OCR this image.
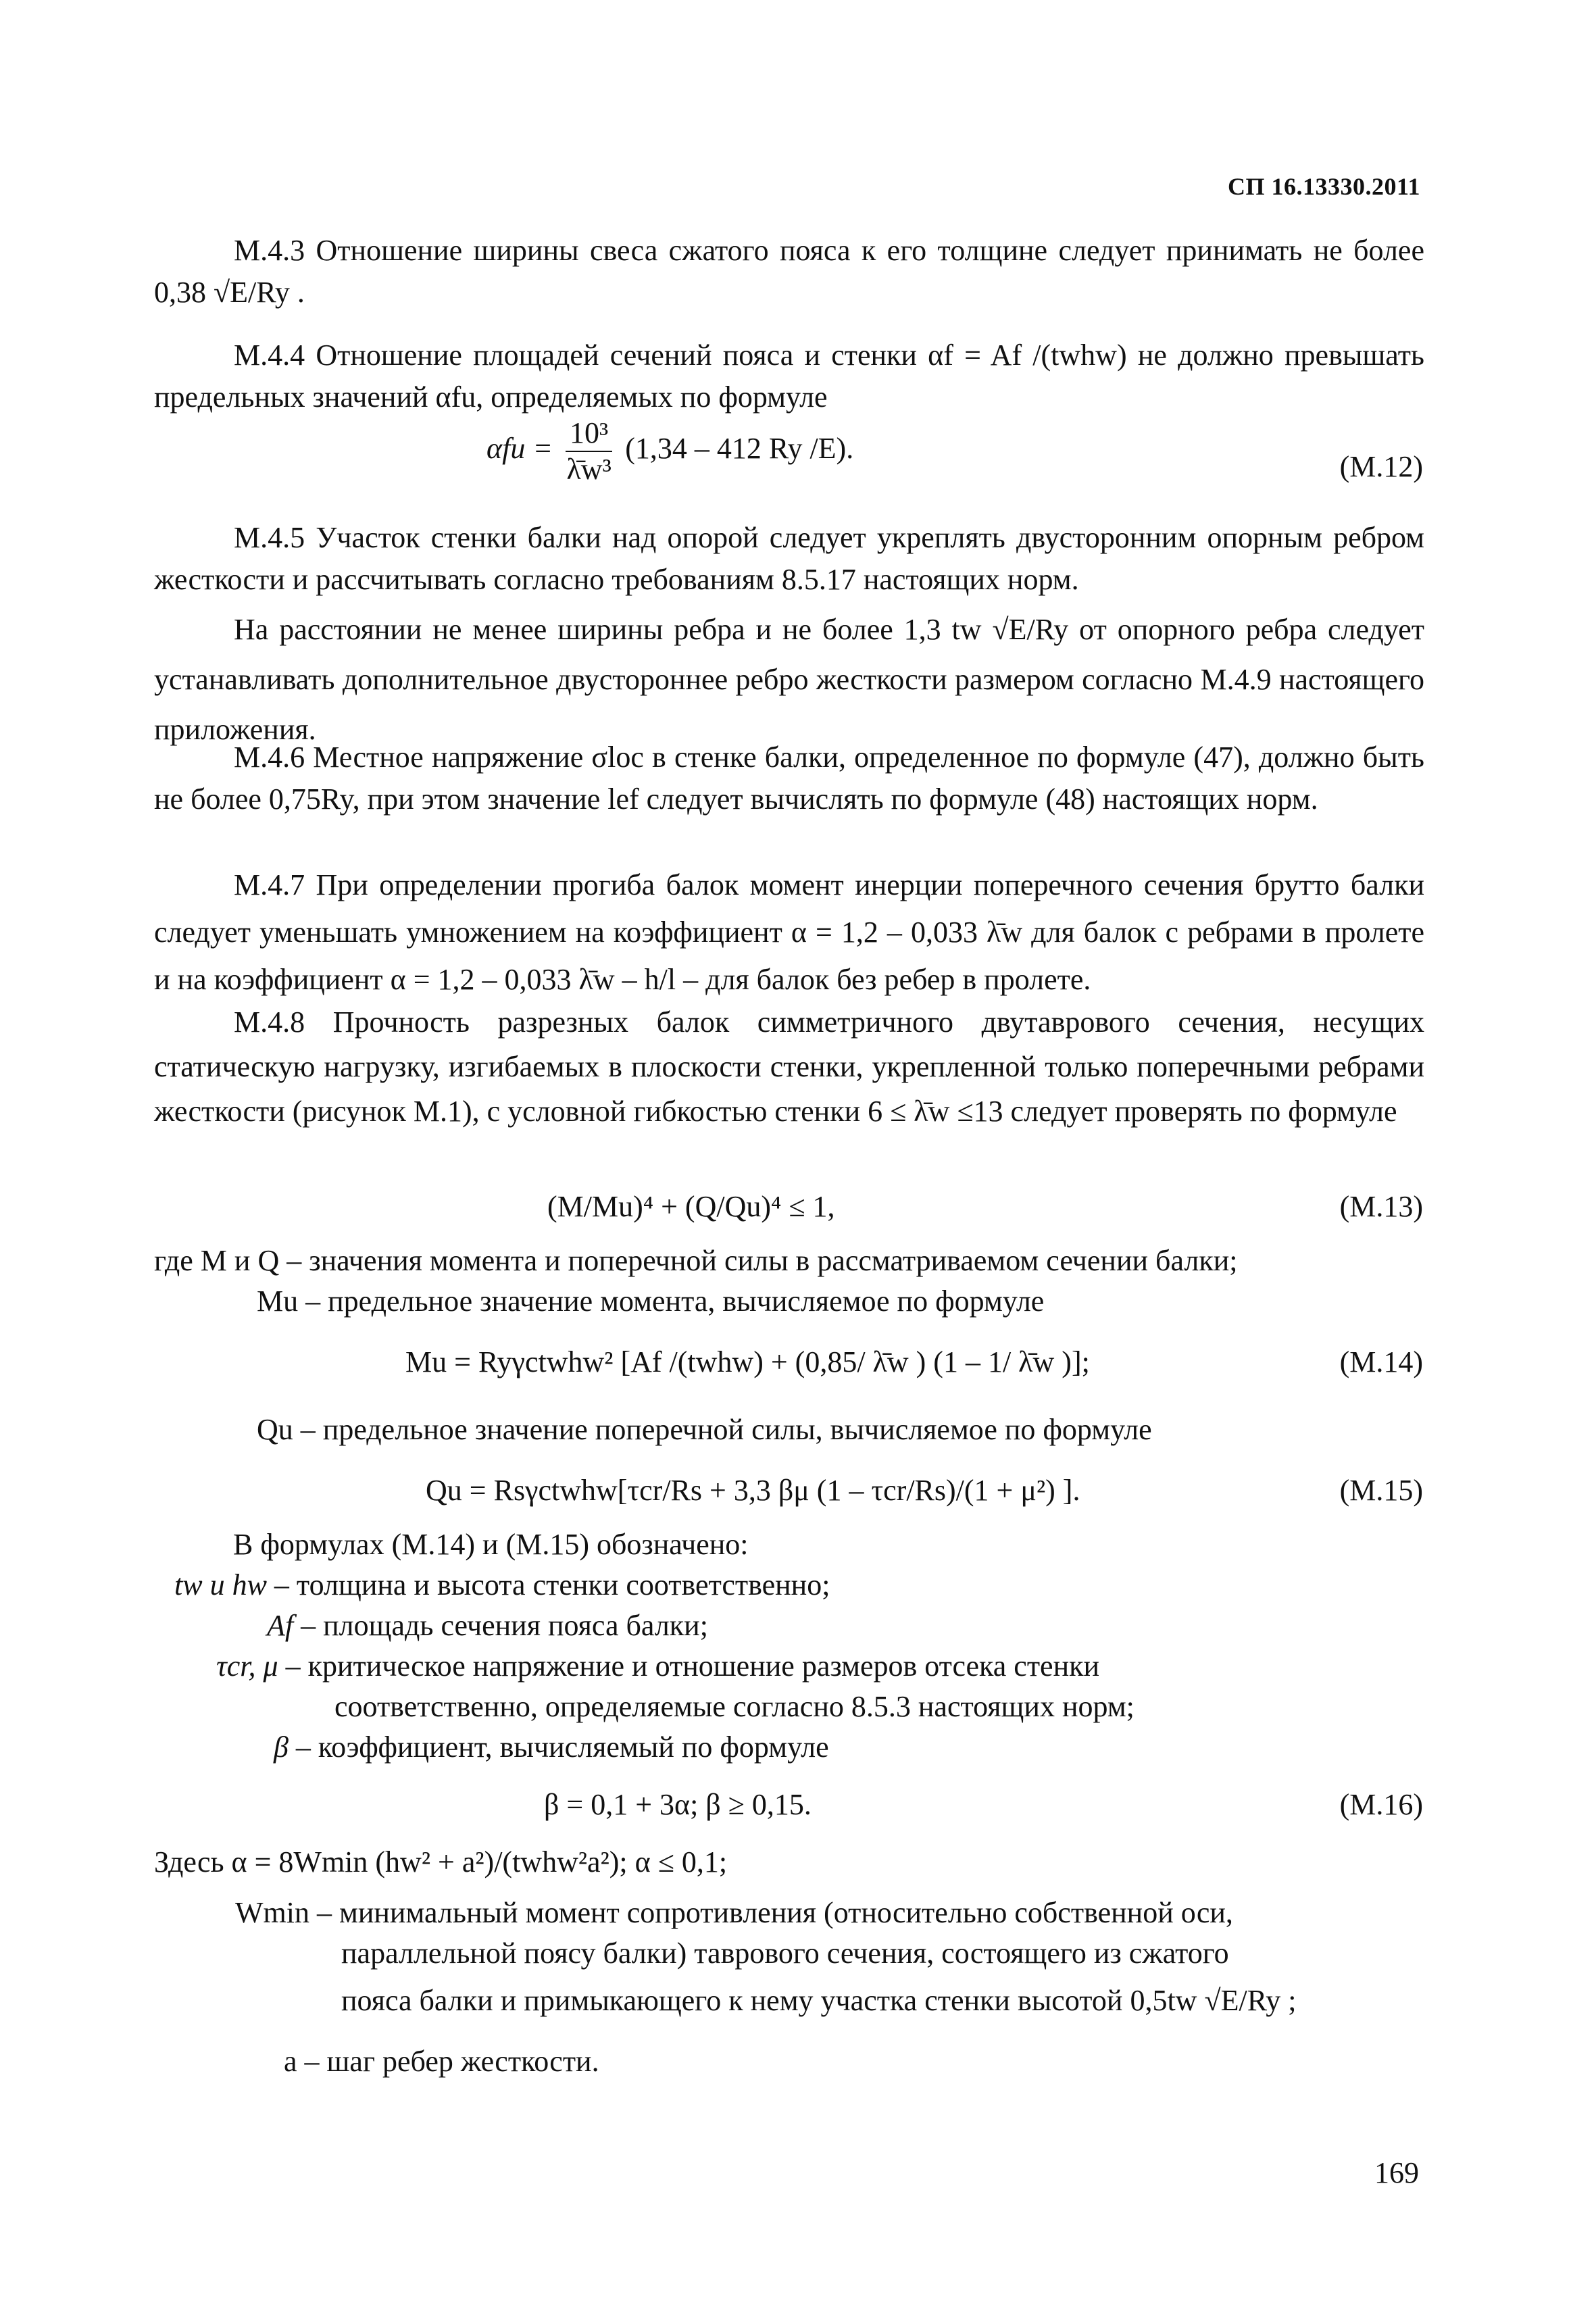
СП 16.13330.2011
М.4.3 Отношение ширины свеса сжатого пояса к его толщине следует принимать не более 0,38 √E/Ry .
М.4.4 Отношение площадей сечений пояса и стенки αf = Af /(twhw) не должно превышать предельных значений αfu, определяемых по формуле
$\alpha fu = \frac{\text{10³}}{\text{λ̄w³}} (1,34 - 412$ Ry /E).
(М.12)
М.4.5 Участок стенки балки над опорой следует укреплять двусторонним опорным ребром жесткости и рассчитывать согласно требованиям 8.5.17 настоящих норм.
На расстоянии не менее ширины ребра и не более 1,3 tw √E/Ry от опорного ребра следует устанавливать дополнительное двустороннее ребро жесткости размером согласно М.4.9 настоящего приложения.
М.4.6 Местное напряжение σloc в стенке балки, определенное по формуле (47), должно быть не более 0,75Ry, при этом значение lef следует вычислять по формуле (48) настоящих норм.
М.4.7 При определении прогиба балок момент инерции поперечного сечения брутто балки следует уменьшать умножением на коэффициент α = 1,2 – 0,033 λ̄w для балок с ребрами в пролете и на коэффициент α = 1,2 – 0,033 λ̄w – h/l – для балок без ребер в пролете.
М.4.8 Прочность разрезных балок симметричного двутаврового сечения, несущих статическую нагрузку, изгибаемых в плоскости стенки, укрепленной только поперечными ребрами жесткости (рисунок М.1), с условной гибкостью стенки 6 ≤ λ̄w ≤13 следует проверять по формуле
(M/Mu)⁴ + (Q/Qu)⁴ ≤ 1,	(М.13)
где M и Q – значения момента и поперечной силы в рассматриваемом сечении балки;
Mu – предельное значение момента, вычисляемое по формуле
Mu = Ryγctwhw² [Af /(twhw) + (0,85/ λ̄w ) (1 – 1/ λ̄w )];	(М.14)
Qu – предельное значение поперечной силы, вычисляемое по формуле
Qu = Rsγctwhw[τcr/Rs + 3,3 βμ (1 – τcr/Rs)/(1 + μ²) ].	(М.15)
В формулах (М.14) и (М.15) обозначено:
tw и hw – толщина и высота стенки соответственно;
Af – площадь сечения пояса балки;
τcr, μ – критическое напряжение и отношение размеров отсека стенки
соответственно, определяемые согласно 8.5.3 настоящих норм;
β – коэффициент, вычисляемый по формуле
β = 0,1 + 3α; β ≥ 0,15.	(М.16)
Здесь α = 8Wmin (hw² + a²)/(twhw²a²); α ≤ 0,1;
Wmin – минимальный момент сопротивления (относительно собственной оси,
параллельной поясу балки) таврового сечения, состоящего из сжатого
пояса балки и примыкающего к нему участка стенки высотой 0,5tw √E/Ry ;
a – шаг ребер жесткости.
169
